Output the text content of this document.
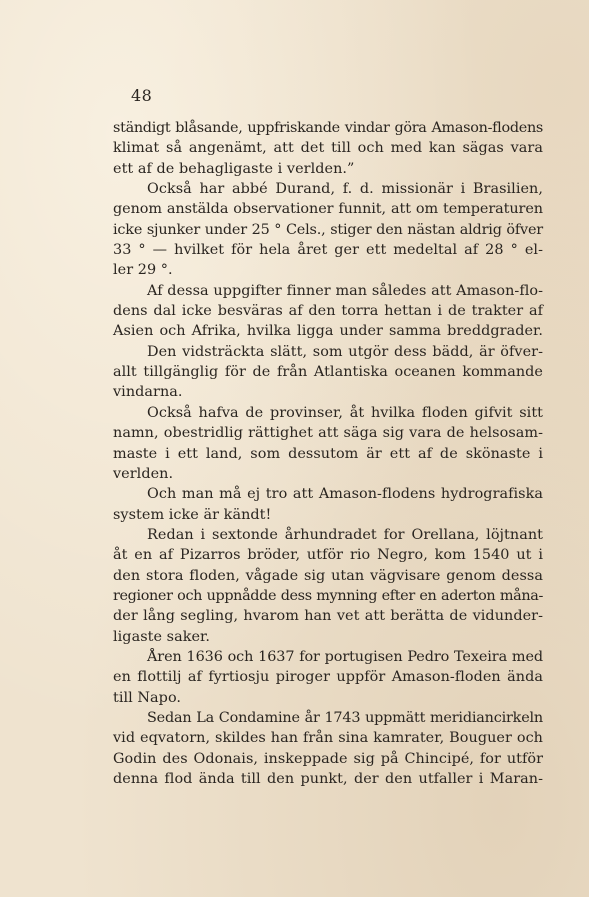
48
ständigt blåsande, uppfriskande vindar göra Amason-flodens
klimat så angenämt, att det till och med kan sägas vara
ett af de behagligaste i verlden.”
Också har abbé Durand, f. d. missionär i Brasilien,
genom anstälda observationer funnit, att om temperaturen
icke sjunker under 25 ° Cels., stiger den nästan aldrig öfver
33 ° — hvilket för hela året ger ett medeltal af 28 ° el-
ler 29 °.
Af dessa uppgifter finner man således att Amason-flo-
dens dal icke besväras af den torra hettan i de trakter af
Asien och Afrika, hvilka ligga under samma breddgrader.
Den vidsträckta slätt, som utgör dess bädd, är öfver-
allt tillgänglig för de från Atlantiska oceanen kommande
vindarna.
Också hafva de provinser, åt hvilka floden gifvit sitt
namn, obestridlig rättighet att säga sig vara de helsosam-
maste i ett land, som dessutom är ett af de skönaste i
verlden.
Och man må ej tro att Amason-flodens hydrografiska
system icke är kändt!
Redan i sextonde århundradet for Orellana, löjtnant
åt en af Pizarros bröder, utför rio Negro, kom 1540 ut i
den stora floden, vågade sig utan vägvisare genom dessa
regioner och uppnådde dess mynning efter en aderton måna-
der lång segling, hvarom han vet att berätta de vidunder-
ligaste saker.
Åren 1636 och 1637 for portugisen Pedro Texeira med
en flottilj af fyrtiosju piroger uppför Amason-floden ända
till Napo.
Sedan La Condamine år 1743 uppmätt meridiancirkeln
vid eqvatorn, skildes han från sina kamrater, Bouguer och
Godin des Odonais, inskeppade sig på Chincipé, for utför
denna flod ända till den punkt, der den utfaller i Maran-
